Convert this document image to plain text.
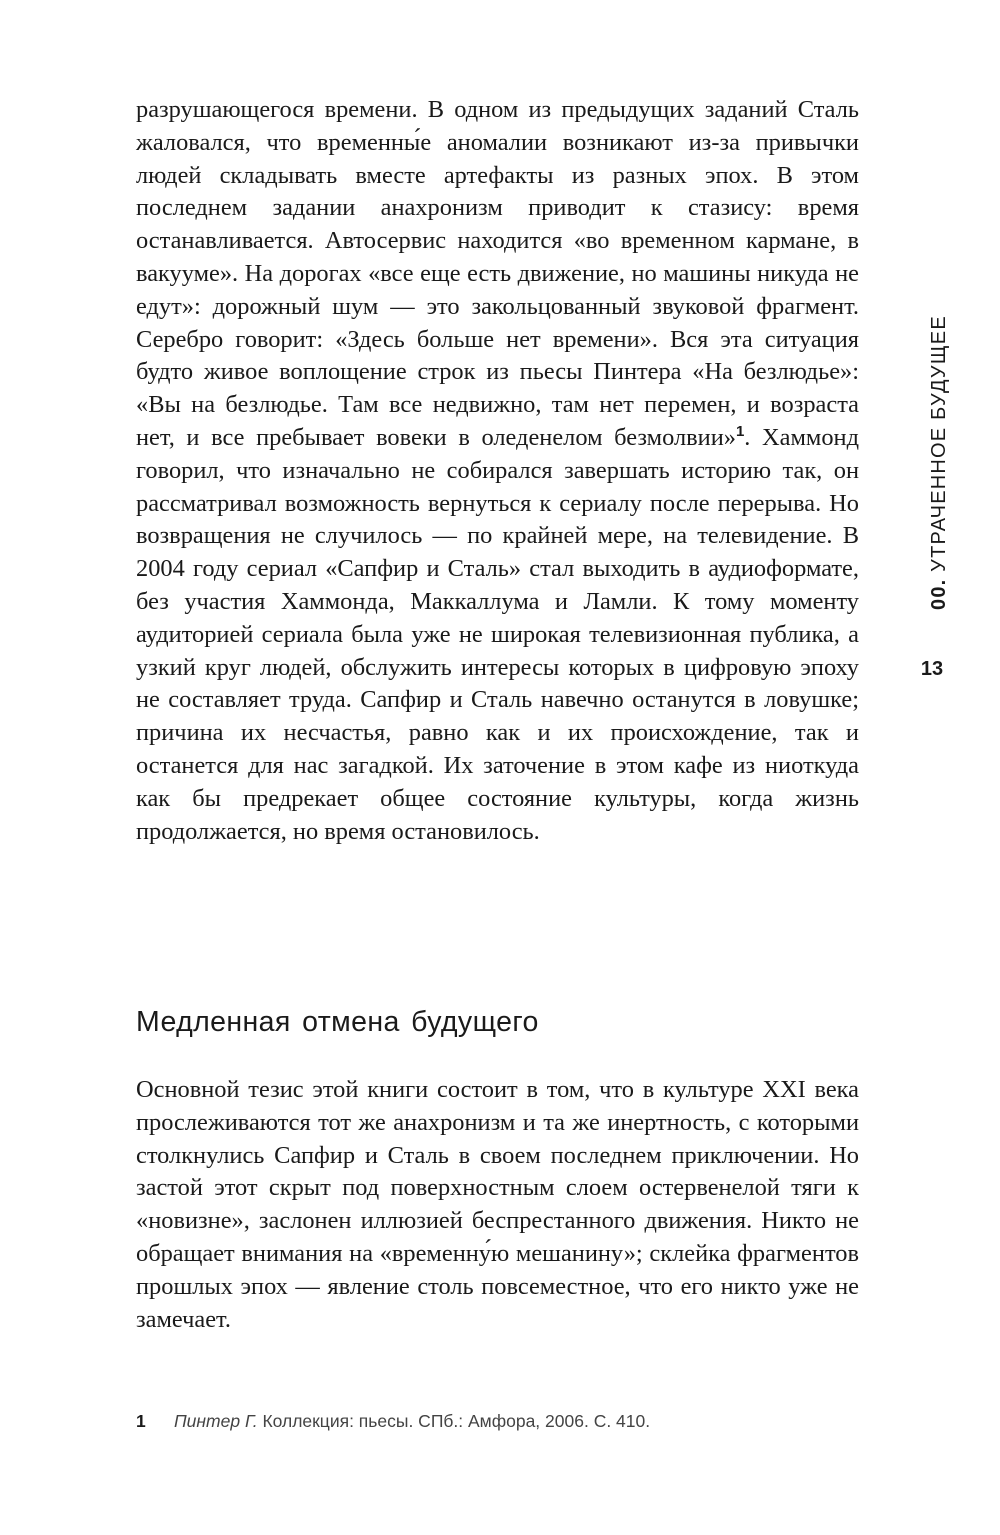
разрушающегося времени. В одном из предыдущих заданий Сталь жаловался, что временны́е аномалии возникают из-за привычки людей складывать вместе артефакты из разных эпох. В этом последнем задании анахронизм приводит к стазису: время останавливается. Автосервис находится «во временном кармане, в вакууме». На дорогах «все еще есть движение, но машины никуда не едут»: дорожный шум — это закольцованный звуковой фрагмент. Серебро говорит: «Здесь больше нет времени». Вся эта ситуация будто живое воплощение строк из пьесы Пинтера «На безлюдье»: «Вы на безлюдье. Там все недвижно, там нет перемен, и возраста нет, и все пребывает вовеки в оледенелом безмолвии»$^1$. Хаммонд говорил, что изначально не собирался завершать историю так, он рассматривал возможность вернуться к сериалу после перерыва. Но возвращения не случилось — по крайней мере, на телевидение. В 2004 году сериал «Сапфир и Сталь» стал выходить в аудиоформате, без участия Хаммонда, Маккаллума и Ламли. К тому моменту аудиторией сериала была уже не широкая телевизионная публика, а узкий круг людей, обслужить интересы которых в цифровую эпоху не составляет труда. Сапфир и Сталь навечно останутся в ловушке; причина их несчастья, равно как и их происхождение, так и останется для нас загадкой. Их заточение в этом кафе из ниоткуда как бы предрекает общее состояние культуры, когда жизнь продолжается, но время остановилось.

Медленная отмена будущего

Основной тезис этой книги состоит в том, что в культуре XXI века прослеживаются тот же анахронизм и та же инертность, с которыми столкнулись Сапфир и Сталь в своем последнем приключении. Но застой этот скрыт под поверхностным слоем остервенелой тяги к «новизне», заслонен иллюзией беспрестанного движения. Никто не обращает внимания на «временну́ю мешанину»; склейка фрагментов прошлых эпох — явление столь повсеместное, что его никто уже не замечает.

1 Пинтер Г. Коллекция: пьесы. СПб.: Амфора, 2006. С. 410.
00. УТРАЧЕННОЕ БУДУЩЕЕ
13
